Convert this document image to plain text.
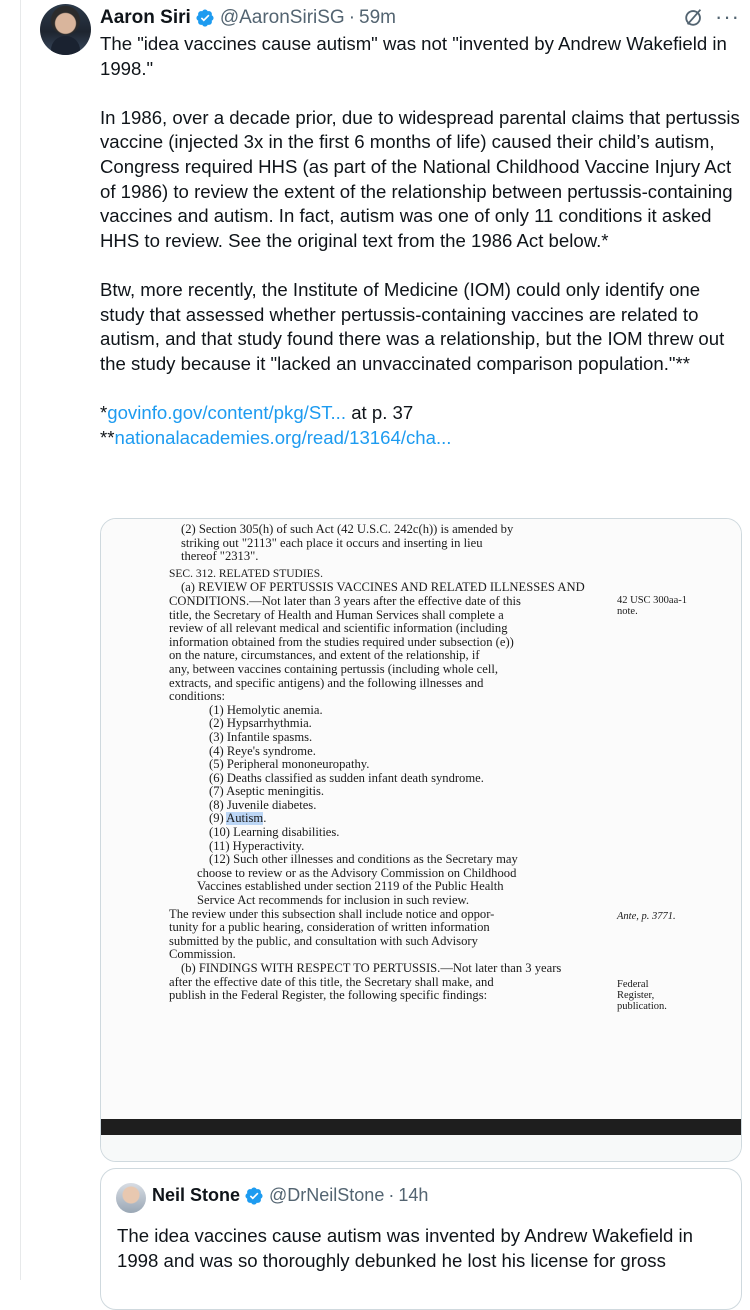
Aaron Siri @AaronSiriSG · 59m	···

The "idea vaccines cause autism" was not "invented by Andrew Wakefield in 1998."

In 1986, over a decade prior, due to widespread parental claims that pertussis vaccine (injected 3x in the first 6 months of life) caused their child’s autism, Congress required HHS (as part of the National Childhood Vaccine Injury Act of 1986) to review the extent of the relationship between pertussis-containing vaccines and autism. In fact, autism was one of only 11 conditions it asked HHS to review. See the original text from the 1986 Act below.*

Btw, more recently, the Institute of Medicine (IOM) could only identify one study that assessed whether pertussis-containing vaccines are related to autism, and that study found there was a relationship, but the IOM threw out the study because it "lacked an unvaccinated comparison population."**

*govinfo.gov/content/pkg/ST... at p. 37

**nationalacademies.org/read/13164/cha...

(2) Section 305(h) of such Act (42 U.S.C. 242c(h)) is amended by
striking out "2113" each place it occurs and inserting in lieu
thereof "2313".
SEC. 312. RELATED STUDIES.
(a) REVIEW OF PERTUSSIS VACCINES AND RELATED ILLNESSES AND
CONDITIONS.—Not later than 3 years after the effective date of this
title, the Secretary of Health and Human Services shall complete a
review of all relevant medical and scientific information (including
information obtained from the studies required under subsection (e))
on the nature, circumstances, and extent of the relationship, if
any, between vaccines containing pertussis (including whole cell,
extracts, and specific antigens) and the following illnesses and
conditions:
(1) Hemolytic anemia.
(2) Hypsarrhythmia.
(3) Infantile spasms.
(4) Reye's syndrome.
(5) Peripheral mononeuropathy.
(6) Deaths classified as sudden infant death syndrome.
(7) Aseptic meningitis.
(8) Juvenile diabetes.
(9) Autism.
(10) Learning disabilities.
(11) Hyperactivity.
(12) Such other illnesses and conditions as the Secretary may
choose to review or as the Advisory Commission on Childhood
Vaccines established under section 2119 of the Public Health
Service Act recommends for inclusion in such review.
The review under this subsection shall include notice and oppor-
tunity for a public hearing, consideration of written information
submitted by the public, and consultation with such Advisory
Commission.
(b) FINDINGS WITH RESPECT TO PERTUSSIS.—Not later than 3 years
after the effective date of this title, the Secretary shall make, and
publish in the Federal Register, the following specific findings:
42 USC 300aa-1
note.
Ante, p. 3771.
Federal
Register,
publication.
Neil Stone @DrNeilStone · 14h
The idea vaccines cause autism was invented by Andrew Wakefield in 1998 and was so thoroughly debunked he lost his license for gross
